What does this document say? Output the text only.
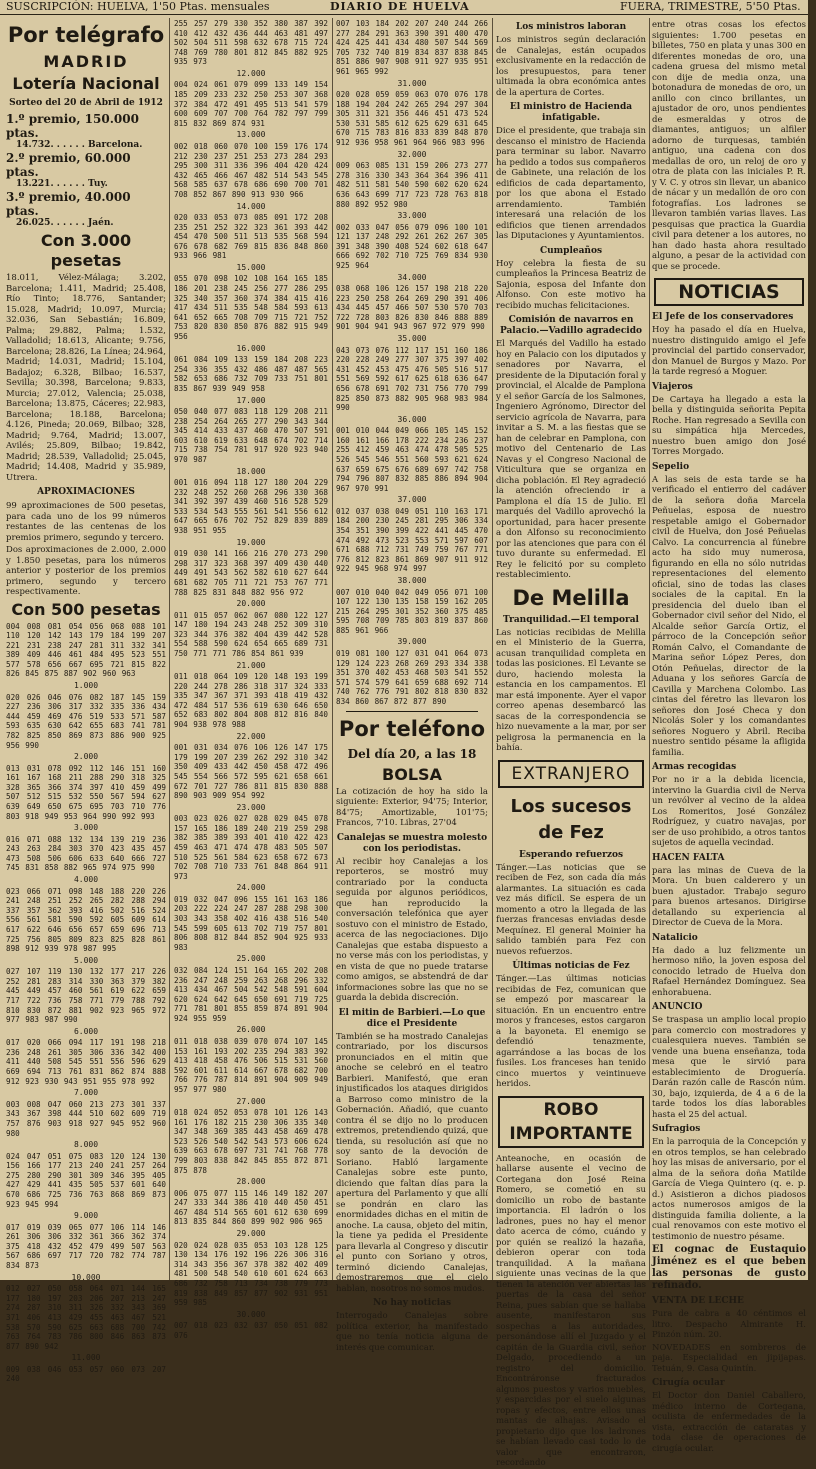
SUSCRIPCIÓN: HUELVA, 1'50 Ptas. mensuales	DIARIO DE HUELVA	FUERA, TRIMESTRE, 5'50 Ptas.
Por telégrafo
MADRID
Lotería Nacional
Sorteo del 20 de Abril de 1912
1.º premio, 150.000 ptas.
14.732. . . . . . Barcelona.
2.º premio, 60.000 ptas.
13.221. . . . . . Tuy.
3.º premio, 40.000 ptas.
26.025. . . . . . Jaén.
Con 3.000 pesetas
18.011, Vélez-Málaga; 3.202, Barcelona; 1.411, Madrid; 25.408, Río Tinto; 18.776, Santander; 15.028, Madrid; 10.097, Murcia; 32.036, San Sebastián; 16.809, Palma; 29.882, Palma; 1.532, Valladolid; 18.613, Alicante; 9.756, Barcelona; 28.826, La Línea; 24.964, Madrid; 14.031, Madrid; 15.104, Badajoz; 6.328, Bilbao; 16.537, Sevilla; 30.398, Barcelona; 9.833, Murcia; 27.012, Valencia; 25.038, Barcelona; 13.875, Cáceres; 22.983, Barcelona; 18.188, Barcelona; 4.126, Pineda; 20.069, Bilbao; 328, Madrid; 9.764, Madrid; 13.007, Avilés; 25.809, Bilbao; 19.842, Madrid; 28.539, Valladolid; 25.045, Madrid; 14.408, Madrid y 35.989, Utrera.
APROXIMACIONES
99 aproximaciones de 500 pesetas, para cada uno de los 99 números restantes de las centenas de los premios primero, segundo y tercero.
Dos aproximaciones de 2.000, 2.000 y 1.850 pesetas, para los números anterior y posterior de los premios primero, segundo y tercero respectivamente.
Con 500 pesetas
004 008 081 054 056 068 088 101 110 120 142 143 179 184 199 207 221 231 238 247 281 311 332 341 389 409 446 461 484 495 523 551 577 578 656 667 695 721 815 822 826 845 875 887 902 960 963
1.000
020 026 046 076 082 187 145 159 227 236 306 317 332 335 336 434 444 459 469 476 519 533 571 587 593 635 630 642 655 683 741 781 782 825 850 869 873 886 900 925 956 990
2.000
013 031 078 092 112 146 151 160 161 167 168 211 288 290 318 325 328 365 366 374 397 410 459 499 507 512 515 532 550 567 594 627 639 649 650 675 695 703 710 776 803 918 949 953 964 990 992 993
3.000
016 071 088 132 134 139 219 236 243 263 284 303 370 423 435 457 473 508 506 606 633 640 666 727 745 831 858 882 965 974 975 990
4.000
023 066 071 098 148 188 220 226 241 248 251 252 265 282 288 294 337 357 362 393 416 502 516 524 556 561 581 590 592 605 609 614 617 622 646 656 657 659 696 713 725 756 805 809 823 825 828 861 898 912 939 978 987 995
5.000
027 107 119 130 132 177 217 226 252 281 283 314 330 363 379 382 445 449 457 460 561 619 622 659 717 722 736 758 771 779 788 792 810 830 872 881 902 923 965 972 977 983 987 990
6.000
017 020 066 094 117 191 198 218 236 248 261 305 306 336 342 400 411 440 508 545 551 556 596 629 669 694 713 761 831 862 874 888 912 923 930 943 951 955 978 992
7.000
003 008 047 060 213 273 301 337 343 367 398 444 510 602 609 719 757 876 903 918 927 945 952 960 980
8.000
024 047 051 075 083 120 124 130 156 166 177 213 240 241 257 264 275 280 290 301 309 346 395 405 427 429 441 435 505 537 601 640 670 686 725 736 763 868 869 873 923 945 994
9.000
017 019 039 065 077 106 114 146 261 306 306 332 361 366 362 374 375 418 432 452 479 499 507 563 567 686 697 717 720 782 774 787 834 873
10.000
012 027 050 058 064 071 144 165 177 180 197 203 206 207 213 247 274 287 310 311 326 332 343 369 371 406 413 429 455 463 467 521 538 570 590 625 663 688 700 742 763 764 783 786 800 846 863 873 877 890 942
11.000
009 038 046 053 057 060 073 207 240
255 257 279 330 352 380 387 392 410 412 432 436 444 463 481 497 502 504 511 598 632 678 715 724 748 769 780 801 812 845 882 925 935 973
12.000
004 024 061 079 099 133 149 154 185 209 233 232 250 253 307 368 372 384 472 491 495 513 541 579 600 609 707 700 764 782 797 799 815 832 869 874 931
13.000
002 018 060 070 100 159 176 174 212 230 237 251 253 273 284 293 295 300 311 336 396 404 420 424 432 465 466 467 482 514 543 545 568 585 637 678 686 690 700 701 708 852 867 890 913 930 966
14.000
020 033 053 073 085 091 172 208 235 251 252 322 323 361 393 442 454 470 500 511 513 535 568 594 676 678 682 769 815 836 848 860 933 966 981
15.000
055 070 098 102 108 164 165 185 186 201 238 245 256 277 286 295 325 340 357 360 374 384 415 416 417 434 511 535 548 584 593 613 641 652 665 708 709 715 721 752 753 820 830 850 876 882 915 949 956
16.000
061 084 109 133 159 184 208 223 254 336 355 432 486 487 487 565 582 653 686 732 709 733 751 801 835 867 939 949 958
17.000
050 040 077 083 118 129 208 211 238 254 264 265 277 290 343 344 345 414 433 437 460 470 507 591 603 610 619 633 648 674 702 714 715 738 754 781 917 920 923 940 970 987
18.000
001 016 094 118 127 180 204 229 232 248 252 260 268 296 330 368 341 392 397 439 460 516 528 529 533 534 543 555 561 541 556 612 647 665 676 702 752 829 839 889 938 951 955
19.000
019 030 141 166 216 270 273 290 298 317 323 368 397 409 430 440 449 491 543 562 582 610 627 644 681 682 705 711 721 753 767 771 788 825 831 848 882 956 972
20.000
011 015 057 062 067 080 122 127 147 180 194 243 248 252 309 310 323 344 376 382 404 439 442 528 554 588 590 624 654 665 689 731 750 771 771 786 854 861 939
21.000
011 018 064 109 120 148 193 199 220 244 278 286 318 317 324 333 335 347 367 371 393 418 419 432 472 484 517 536 619 630 646 650 652 683 802 804 808 812 816 840 904 938 978 988
22.000
001 031 034 076 106 126 147 175 179 199 207 239 262 292 310 342 350 409 433 442 450 458 472 496 545 554 566 572 595 621 658 661 672 701 727 786 811 815 830 888 890 903 909 954 992
23.000
003 023 026 027 028 029 045 078 157 165 186 189 240 219 259 298 382 385 389 393 401 410 422 423 459 463 471 474 478 483 505 507 510 525 561 584 623 658 672 673 702 708 710 733 761 848 864 911 973
24.000
019 032 047 096 155 161 163 186 203 222 224 247 287 288 298 300 303 343 358 402 416 438 516 540 545 599 605 613 702 719 757 801 806 808 812 844 852 904 925 933 983
25.000
032 084 124 151 164 165 202 208 236 247 248 259 263 268 296 332 413 434 467 504 542 548 591 604 620 624 642 645 650 691 719 725 771 781 801 855 859 874 891 904 924 955 959
26.000
011 018 038 039 070 074 107 145 153 161 193 202 235 294 383 392 413 418 458 476 506 515 531 560 592 601 611 614 667 678 682 700 766 776 787 814 891 904 909 949 957 977 980
27.000
018 024 052 053 078 101 126 143 161 176 182 215 230 306 335 340 347 348 369 385 443 458 469 478 523 526 540 542 543 573 606 624 639 663 678 697 731 741 768 778 799 803 838 842 845 855 872 871 875 878
28.000
006 075 077 115 146 149 182 207 247 333 344 386 410 440 450 451 467 484 514 565 601 612 630 699 813 835 844 860 899 902 906 965
29.000
020 024 028 035 053 103 128 125 130 134 176 192 196 226 306 316 314 343 356 367 378 382 402 409 481 500 548 540 610 601 624 663 686 732 758 713 734 738 779 773 819 838 849 857 877 902 931 951 959 985
30.000
007 018 023 032 037 050 051 082 076
007 103 184 202 207 240 244 266 277 284 291 363 390 391 400 470 424 425 441 434 480 507 544 569 705 732 740 819 834 837 838 845 851 886 907 908 911 927 935 951 961 965 992
31.000
020 028 059 059 063 070 076 178 188 194 204 242 265 294 297 304 305 311 321 356 446 451 473 524 530 531 585 612 625 629 631 645 670 715 783 816 833 839 848 870 912 936 958 961 964 966 983 996
32.000
009 063 085 131 159 206 273 277 278 316 330 343 364 364 396 411 482 511 581 540 590 602 620 624 636 643 699 717 723 728 763 818 880 892 952 980
33.000
002 033 047 056 079 096 100 101 121 137 248 292 261 262 267 305 391 348 390 408 524 602 618 647 666 692 702 710 725 769 834 930 925 964
34.000
038 068 106 126 157 198 218 220 223 250 258 264 269 290 391 406 434 445 457 466 507 530 570 703 722 728 803 826 830 846 888 889 901 904 941 943 967 972 979 990
35.000
043 073 076 112 117 151 160 186 220 228 249 277 307 375 397 402 431 452 453 475 476 505 516 517 551 569 592 617 625 618 636 647 656 678 691 702 731 756 770 799 825 850 873 882 905 968 983 984 990
36.000
001 010 044 049 066 105 145 152 160 161 166 178 222 234 236 237 255 412 459 463 474 478 505 525 526 545 546 551 560 593 621 624 637 659 675 676 689 697 742 758 794 796 807 832 885 886 894 904 967 970 991
37.000
012 037 038 049 051 110 163 171 184 200 230 245 281 295 306 334 354 351 390 399 422 441 445 470 474 492 473 523 553 571 597 607 671 688 712 731 749 759 767 771 776 812 823 861 869 907 911 912 922 945 968 974 997
38.000
007 010 040 042 049 056 071 100 107 122 130 135 158 159 162 205 215 264 295 301 352 360 375 485 595 708 709 785 803 819 837 860 885 961 966
39.000
019 081 100 127 031 041 064 073 129 124 223 268 269 293 334 338 351 370 402 453 468 503 541 552 571 574 579 641 659 688 692 714 740 762 776 791 802 818 830 832 834 860 867 872 877 890
Por teléfono
Del día 20, a las 18
BOLSA
La cotización de hoy ha sido la siguiente: Exterior, 94'75; Interior, 84'75; Amortizable, 101'75; Francos, 7'10. Libras, 27'04
Canalejas se muestra molesto con los periodistas.
Al recibir hoy Canalejas a los reporteros, se mostró muy contrariado por la conducta seguida por algunos periódicos, que han reproducido la conversación telefónica que ayer sostuvo con el ministro de Estado, acerca de las negociaciones. Dijo Canalejas que estaba dispuesto a no verse más con los periodistas, y en vista de que no puede tratarse como amigos, se abstendrá de dar informaciones sobre las que no se guarda la debida discreción.
El mitin de Barbieri.—Lo que dice el Presidente
También se ha mostrado Canalejas contrariado, por los discursos pronunciados en el mitin que anoche se celebró en el teatro Barbieri. Manifestó, que eran injustificados los ataques dirigidos a Barroso como ministro de la Gobernación. Añadió, que cuanto contra él se dijo no lo producen extremos, pretendiendo quizá, que tienda, su resolución así que no soy santo de la devoción de Soriano. Habló largamente Canalejas sobre este punto, diciendo que faltan días para la apertura del Parlamento y que allí se pondrán en claro las enormidades dichas en el mitin de anoche. La causa, objeto del mitin, la tiene ya pedida el Presidente para llevarla al Congreso y discutir el punto con Soriano y otros, terminó diciendo Canalejas, demostraremos que el cielo hablan, nosotros no somos mudos.
No hay noticias
Interrogado Canalejas sobre política exterior, ha manifestado que no tenía noticia alguna de interés que comunicar.
Los ministros laboran
Los ministros según declaración de Canalejas, están ocupados exclusivamente en la redacción de los presupuestos, para tener ultimada la obra económica antes de la apertura de Cortes.
El ministro de Hacienda infatigable.
Dice el presidente, que trabaja sin descanso el ministro de Hacienda para terminar su labor. Navarro ha pedido a todos sus compañeros de Gabinete, una relación de los edificios de cada departamento, por los que abona el Estado arrendamiento. También interesará una relación de los edificios que tienen arrendados las Diputaciones y Ayuntamientos.
Cumpleaños
Hoy celebra la fiesta de su cumpleaños la Princesa Beatriz de Sajonia, esposa del Infante don Alfonso. Con este motivo ha recibido muchas felicitaciones.
Comisión de navarros en Palacio.—Vadillo agradecido
El Marqués del Vadillo ha estado hoy en Palacio con los diputados y senadores por Navarra, el presidente de la Diputación foral y provincial, el Alcalde de Pamplona y el señor García de los Salmones, Ingeniero Agrónomo, Director del servicio agrícola de Navarra, para invitar a S. M. a las fiestas que se han de celebrar en Pamplona, con motivo del Centenario de Las Navas y el Congreso Nacional de Viticultura que se organiza en dicha población. El Rey agradeció la atención ofreciendo ir a Pamplona el día 15 de Julio. El marqués del Vadillo aprovechó la oportunidad, para hacer presente a don Alfonso su reconocimiento por las atenciones que para con él tuvo durante su enfermedad. El Rey le felicitó por su completo restablecimiento.
De Melilla
Tranquilidad.—El temporal
Las noticias recibidas de Melilla en el Ministerio de la Guerra, acusan tranquilidad completa en todas las posiciones. El Levante se duro, haciendo molesta la estancia en los campamentos. El mar está imponente. Ayer el vapor correo apenas desembarcó las sacas de la correspondencia se hizo nuevamente a la mar, por ser peligrosa la permanencia en la bahía.
EXTRANJERO
Los sucesos de Fez
Esperando refuerzos
Tánger.—Las noticias que se reciben de Fez, son cada día más alarmantes. La situación es cada vez más difícil. Se espera de un momento a otro la llegada de las fuerzas francesas enviadas desde Mequínez. El general Moinier ha salido también para Fez con nuevos refuerzos.
Últimas noticias de Fez
Tánger.—Las últimas noticias recibidas de Fez, comunican que se empezó por mascarear la situación. En un encuentro entre moros y franceses, estos cargaron a la bayoneta. El enemigo se defendió tenazmente, agarrándose a las bocas de los fusiles. Los franceses han tenido cinco muertos y veintinueve heridos.
ROBO IMPORTANTE
Anteanoche, en ocasión de hallarse ausente el vecino de Cortegana don José Reina Romero, se cometió en su domicilio un robo de bastante importancia. El ladrón o los ladrones, pues no hay el menor dato acerca de cómo, cuándo y por quién se realizó la hazaña, debieron operar con toda tranquilidad. A la mañana siguiente unas vecinas de la que tienen la atención ver abiertas las puertas de la casa del señor Reina, pues sabían que se hallaba ausente, manifestaron sus sospechas a las autoridades, personándose allí el Juzgado y el capitán de la Guardia civil, señor Delgado, procediendo a un registro del domicilio. Encontráronse fracturados algunos puestos y varios muebles, y esparcidas por el suelo algunas ropas y efectos, entre ellos unas mantas de alhajas. Avisado el propietario dijo que los ladrones se habían llevado casi todo lo de valor que encontraron, recordando
entre otras cosas los efectos siguientes: 1.700 pesetas en billetes, 750 en plata y unas 300 en diferentes monedas de oro, una cadena gruesa del mismo metal con dije de media onza, una botonadura de monedas de oro, un anillo con cinco brillantes, un ajustador de oro, unos pendientes de esmeraldas y otros de diamantes, antiguos; un alfiler adorno de turquesas, también antiguo, una cadena con dos medallas de oro, un reloj de oro y otra de plata con las iniciales P. R. y V. C. y otros sin llevar, un abanico de nácar y un medallón de oro con fotografías. Los ladrones se llevaron también varias llaves. Las pesquisas que practica la Guardia civil para detener a los autores, no han dado hasta ahora resultado alguno, a pesar de la actividad con que se procede.
NOTICIAS
El Jefe de los conservadores
Hoy ha pasado el día en Huelva, nuestro distinguido amigo el Jefe provincial del partido conservador, don Manuel de Burgos y Mazo. Por la tarde regresó a Moguer.
Viajeros
De Cartaya ha llegado a esta la bella y distinguida señorita Pepita Roche. Han regresado a Sevilla con su simpática hija Mercedes, nuestro buen amigo don José Torres Morgado.
Sepelio
A las seis de esta tarde se ha verificado el entierro del cadáver de la señora doña Marcela Peñuelas, esposa de nuestro respetable amigo el Gobernador civil de Huelva, don José Peñuelas Calvo. La concurrencia al fúnebre acto ha sido muy numerosa, figurando en ella no sólo nutridas representaciones del elemento oficial, sino de todas las clases sociales de la capital. En la presidencia del duelo iban el Gobernador civil señor del Nido, el Alcalde señor García Ortiz, el párroco de la Concepción señor Román Calvo, el Comandante de Marina señor López Peres, don Otón Peñuelas, director de la Aduana y los señores García de Cavilla y Marchena Colombo. Las cintas del féretro las llevaron los señores don José Checa y don Nicolás Soler y los comandantes señores Noguero y Abril. Reciba nuestro sentido pésame la afligida familia.
Armas recogidas
Por no ir a la debida licencia, intervino la Guardia civil de Nerva un revólver al vecino de la aldea Los Romeritos, José González Rodríguez, y cuatro navajas, por ser de uso prohibido, a otros tantos sujetos de aquella vecindad.
HACEN FALTA
para las minas de Cueva de la Mora. Un buen calderero y un buen ajustador. Trabajo seguro para buenos artesanos. Dirigirse detallando su experiencia al Director de Cueva de la Mora.
Natalicio
Ha dado a luz felizmente un hermoso niño, la joven esposa del conocido letrado de Huelva don Rafael Hernández Domínguez. Sea enhorabuena.
ANUNCIO
Se traspasa un amplio local propio para comercio con mostradores y cualesquiera nueves. También se vende una buena enseñanza, toda mesa que le sirvió para establecimiento de Droguería. Darán razón calle de Rascón núm. 30, bajo, izquierda, de 4 a 6 de la tarde todos los días laborables hasta el 25 del actual.
Sufragios
En la parroquia de la Concepción y en otros templos, se han celebrado hoy las misas de aniversario, por el alma de la señora doña Matilde García de Viega Quintero (q. e. p. d.) Asistieron a dichos piadosos actos numerosos amigos de la distinguida familia doliente, a la cual renovamos con este motivo el testimonio de nuestro pésame.
El cognac de Eustaquio Jiménez es el que beben las personas de gusto refinado.
VENTA DE LECHE
Pura de cabra a 40 céntimos el litro. Despacho Almirante H. Pinzón núm. 20.
NOVEDADES en sombreros de paja. Especialidad en jipijapas. Tetuán, 9. Casa Quintín.
Cirugía ocular
El Doctor don Daniel Caballero, médico interno de Cortegana, oculista de enfermedades de la vista, extracción de cataratas y toda clase de operaciones de cirugía ocular.
